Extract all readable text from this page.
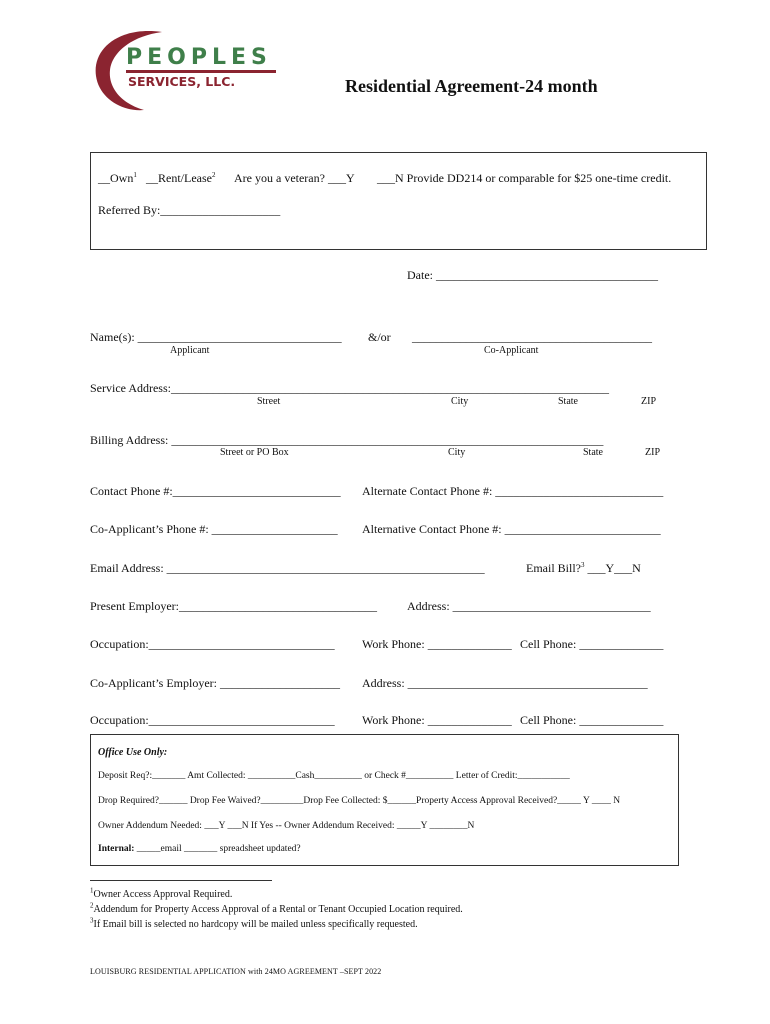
PEOPLES
SERVICES, LLC.	Residential Agreement-24 month
__Own$^1$ __Rent/Lease$^2$ Are you a veteran? ___Y ___N Provide DD214 or comparable for $25 one-time credit.
Referred By:____________________
Date: _____________________________________
Name(s): __________________________________ &/or ________________________________________
Applicant	Co-Applicant
Service Address:_________________________________________________________________________
Street	City	State	ZIP
Billing Address: ________________________________________________________________________
Street or PO Box	City	State	ZIP
Contact Phone #:____________________________ Alternate Contact Phone #: ____________________________
Co-Applicant’s Phone #: _____________________ Alternative Contact Phone #: __________________________
Email Address: _____________________________________________________	Email Bill?$^3$ ___Y___N
Present Employer:_________________________________	Address: _________________________________
Occupation:_______________________________ Work Phone: ______________ Cell Phone: ______________
Co-Applicant’s Employer: ____________________ Address: ________________________________________
Occupation:_______________________________ Work Phone: ______________ Cell Phone: ______________
Office Use Only:
Deposit Req?:_______ Amt Collected: __________Cash__________ or Check #__________ Letter of Credit:___________
Drop Required?______ Drop Fee Waived?_________Drop Fee Collected: $______Property Access Approval Received?_____ Y ____ N
Owner Addendum Needed: ___Y ___N If Yes -- Owner Addendum Received: _____Y ________N
Internal: _____email _______ spreadsheet updated?
$^1$Owner Access Approval Required.
$^2$Addendum for Property Access Approval of a Rental or Tenant Occupied Location required.
$^3$If Email bill is selected no hardcopy will be mailed unless specifically requested.
LOUISBURG RESIDENTIAL APPLICATION with 24MO AGREEMENT –SEPT 2022
